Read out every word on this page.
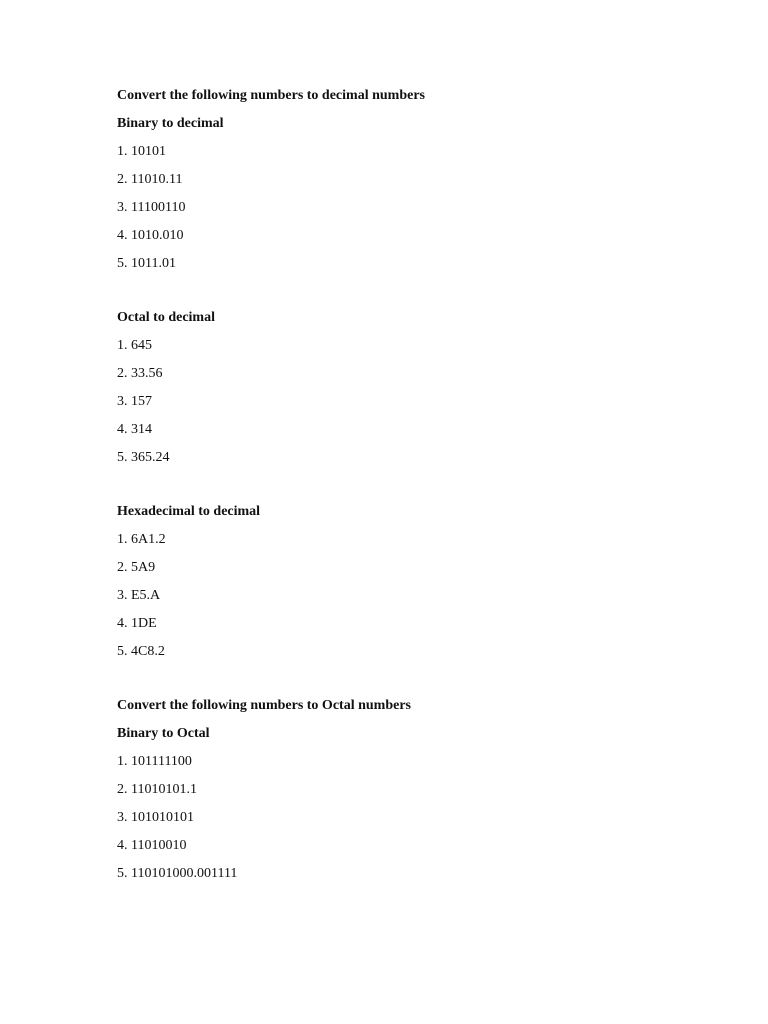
Convert the following numbers to decimal numbers
Binary to decimal
1. 10101
2. 11010.11
3. 11100110
4. 1010.010
5. 1011.01
Octal to decimal
1. 645
2. 33.56
3. 157
4. 314
5. 365.24
Hexadecimal to decimal
1. 6A1.2
2. 5A9
3. E5.A
4. 1DE
5. 4C8.2
Convert the following numbers to Octal numbers
Binary to Octal
1. 101111100
2. 11010101.1
3. 101010101
4. 11010010
5. 110101000.001111
